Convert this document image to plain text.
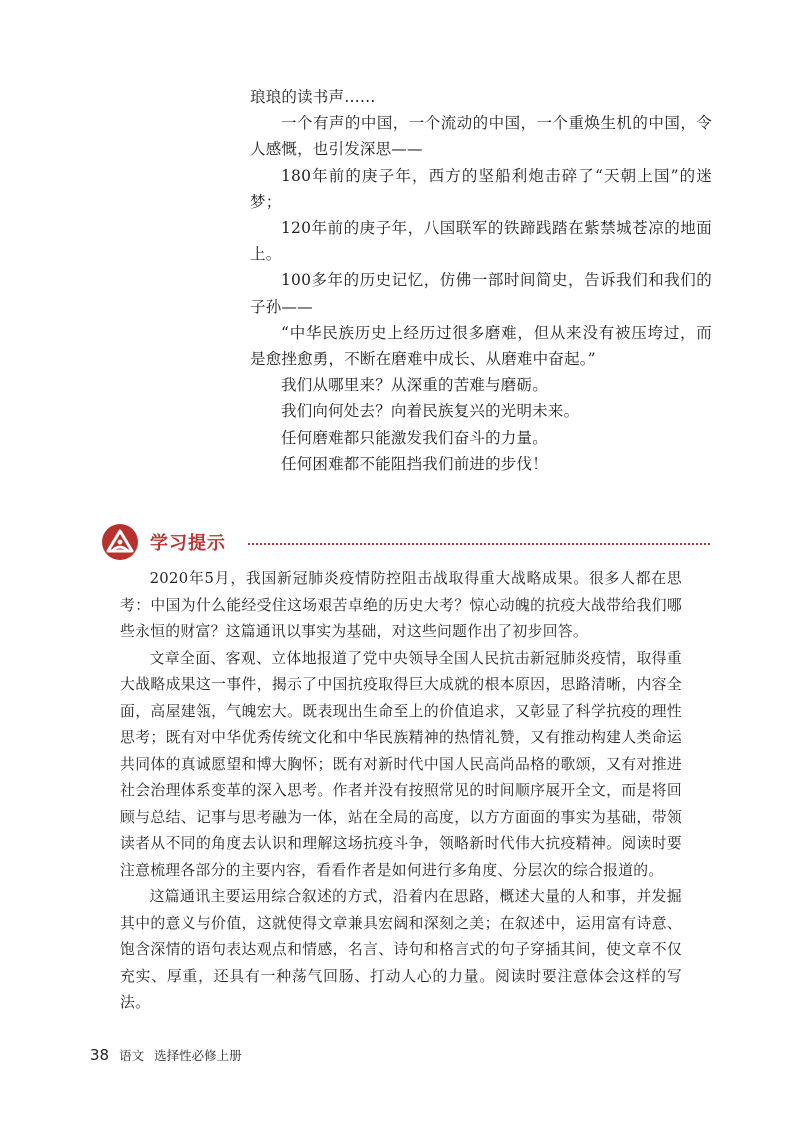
琅琅的读书声……

一个有声的中国，一个流动的中国，一个重焕生机的中国，令人感慨，也引发深思——

180年前的庚子年，西方的坚船利炮击碎了“天朝上国”的迷梦；

120年前的庚子年，八国联军的铁蹄践踏在紫禁城苍凉的地面上。

100多年的历史记忆，仿佛一部时间简史，告诉我们和我们的子孙——

“中华民族历史上经历过很多磨难，但从来没有被压垮过，而是愈挫愈勇，不断在磨难中成长、从磨难中奋起。”

我们从哪里来？从深重的苦难与磨砺。

我们向何处去？向着民族复兴的光明未来。

任何磨难都只能激发我们奋斗的力量。

任何困难都不能阻挡我们前进的步伐！

学习提示

2020年5月，我国新冠肺炎疫情防控阻击战取得重大战略成果。很多人都在思考：中国为什么能经受住这场艰苦卓绝的历史大考？惊心动魄的抗疫大战带给我们哪些永恒的财富？这篇通讯以事实为基础，对这些问题作出了初步回答。

文章全面、客观、立体地报道了党中央领导全国人民抗击新冠肺炎疫情，取得重大战略成果这一事件，揭示了中国抗疫取得巨大成就的根本原因，思路清晰，内容全面，高屋建瓴，气魄宏大。既表现出生命至上的价值追求，又彰显了科学抗疫的理性思考；既有对中华优秀传统文化和中华民族精神的热情礼赞，又有推动构建人类命运共同体的真诚愿望和博大胸怀；既有对新时代中国人民高尚品格的歌颂，又有对推进社会治理体系变革的深入思考。作者并没有按照常见的时间顺序展开全文，而是将回顾与总结、记事与思考融为一体，站在全局的高度，以方方面面的事实为基础，带领读者从不同的角度去认识和理解这场抗疫斗争，领略新时代伟大抗疫精神。阅读时要注意梳理各部分的主要内容，看看作者是如何进行多角度、分层次的综合报道的。

这篇通讯主要运用综合叙述的方式，沿着内在思路，概述大量的人和事，并发掘其中的意义与价值，这就使得文章兼具宏阔和深刻之美；在叙述中，运用富有诗意、饱含深情的语句表达观点和情感，名言、诗句和格言式的句子穿插其间，使文章不仅充实、厚重，还具有一种荡气回肠、打动人心的力量。阅读时要注意体会这样的写法。

38 语文 选择性必修上册
